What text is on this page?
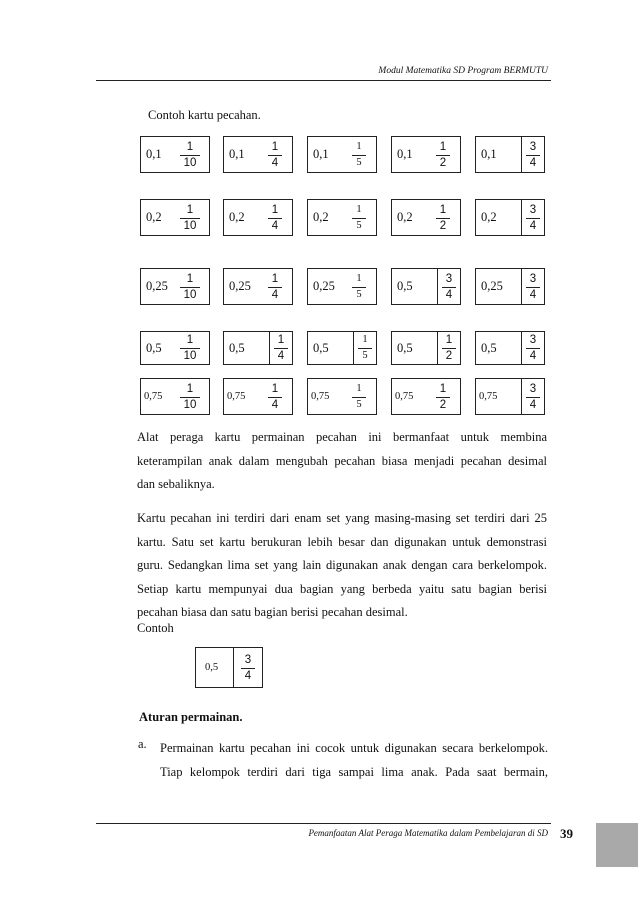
Modul Matematika SD Program BERMUTU
Contoh kartu pecahan.
0,1
1
10
0,1
1
4
0,1
1
5
0,1
1
2
0,1
3
4
0,2
1
10
0,2
1
4
0,2
1
5
0,2
1
2
0,2
3
4
0,25
1
10
0,25
1
4
0,25
1
5
0,5
3
4
0,25
3
4
0,5
1
10
0,5
1
4
0,5
1
5
0,5
1
2
0,5
3
4
0,75
1
10
0,75
1
4
0,75
1
5
0,75
1
2
0,75
3
4
Alat peraga kartu permainan pecahan ini bermanfaat untuk membina
keterampilan anak dalam mengubah pecahan biasa menjadi pecahan desimal
dan sebaliknya.
Kartu pecahan ini terdiri dari enam set yang masing-masing set terdiri dari 25
kartu. Satu set kartu berukuran lebih besar dan digunakan untuk demonstrasi
guru. Sedangkan lima set yang lain digunakan anak dengan cara berkelompok.
Setiap kartu mempunyai dua bagian yang berbeda yaitu satu bagian berisi
pecahan biasa dan satu bagian berisi pecahan desimal.
Contoh
0,5
3
4
Aturan permainan.
a. Permainan kartu pecahan ini cocok untuk digunakan secara berkelompok.
Tiap kelompok terdiri dari tiga sampai lima anak. Pada saat bermain,
Pemanfaatan Alat Peraga Matematika dalam Pembelajaran di SD 39
